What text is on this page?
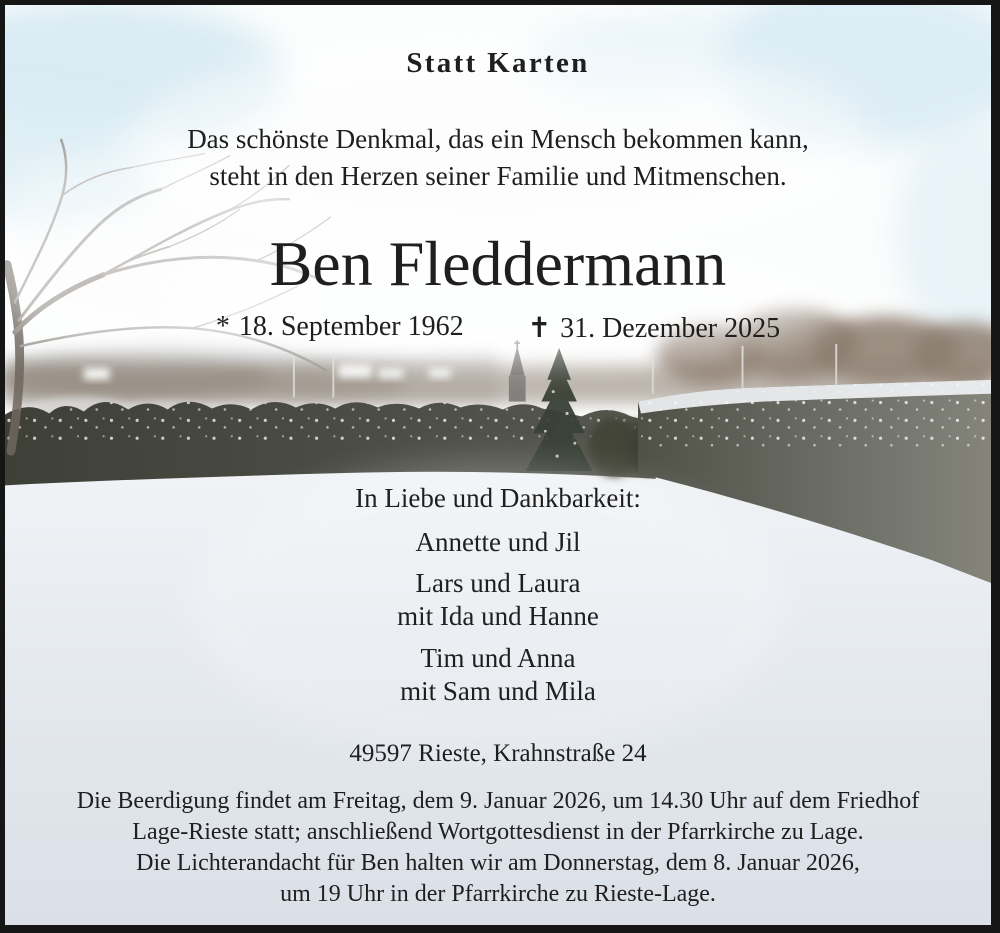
Statt Karten
Das schönste Denkmal, das ein Mensch bekommen kann,
steht in den Herzen seiner Familie und Mitmenschen.
Ben Fleddermann
* 18. September 1962 ✝ 31. Dezember 2025
In Liebe und Dankbarkeit:
Annette und Jil
Lars und Laura
mit Ida und Hanne
Tim und Anna
mit Sam und Mila
49597 Rieste, Krahnstraße 24
Die Beerdigung findet am Freitag, dem 9. Januar 2026, um 14.30 Uhr auf dem Friedhof
Lage-Rieste statt; anschließend Wortgottesdienst in der Pfarrkirche zu Lage.
Die Lichterandacht für Ben halten wir am Donnerstag, dem 8. Januar 2026,
um 19 Uhr in der Pfarrkirche zu Rieste-Lage.
